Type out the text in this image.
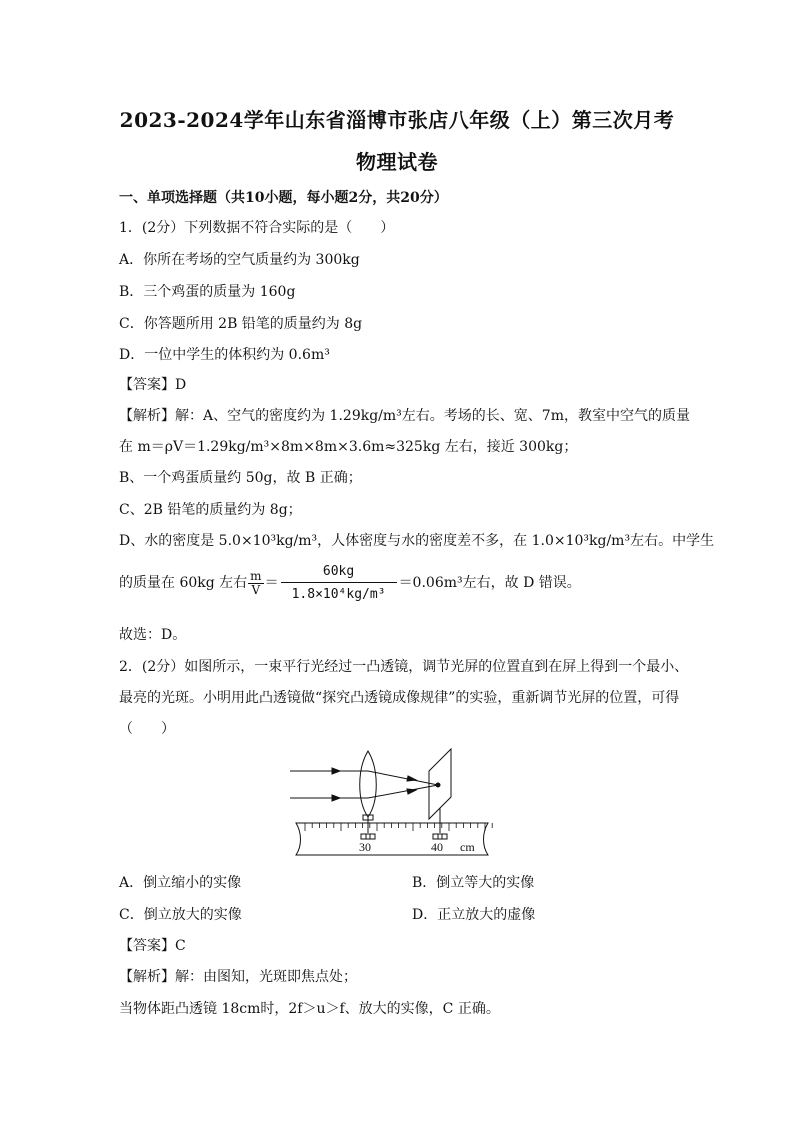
2023-2024学年山东省淄博市张店八年级（上）第三次月考
物理试卷
一、单项选择题（共10小题，每小题2分，共20分）
1．(2分）下列数据不符合实际的是（　　）
A．你所在考场的空气质量约为 300kg
B．三个鸡蛋的质量为 160g
C．你答题所用 2B 铅笔的质量约为 8g
D．一位中学生的体积约为 0.6m³
【答案】D
【解析】解：A、空气的密度约为 1.29kg/m³左右。考场的长、宽、7m，教室中空气的质量
在 m＝ρV＝1.29kg/m³×8m×8m×3.6m≈325kg 左右，接近 300kg；
B、一个鸡蛋质量约 50g，故 B 正确；
C、2B 铅笔的质量约为 8g；
D、水的密度是 5.0×10³kg/m³，人体密度与水的密度差不多，在 1.0×10³kg/m³左右。中学生
的质量在 60kg 左右 $\frac{m}{V} = \frac{60kg}{\text{1.8×10⁴kg/m³}} =0.06m^3$左右，故 D 错误。
故选：D。
2．(2分）如图所示，一束平行光经过一凸透镜，调节光屏的位置直到在屏上得到一个最小、
最亮的光斑。小明用此凸透镜做“探究凸透镜成像规律”的实验，重新调节光屏的位置，可得
（　　）
30	40 cm
A．倒立缩小的实像	B．倒立等大的实像
C．倒立放大的实像	D．正立放大的虚像
【答案】C
【解析】解：由图知，光斑即焦点处；
当物体距凸透镜 18cm时，2f＞u＞f、放大的实像，C 正确。
